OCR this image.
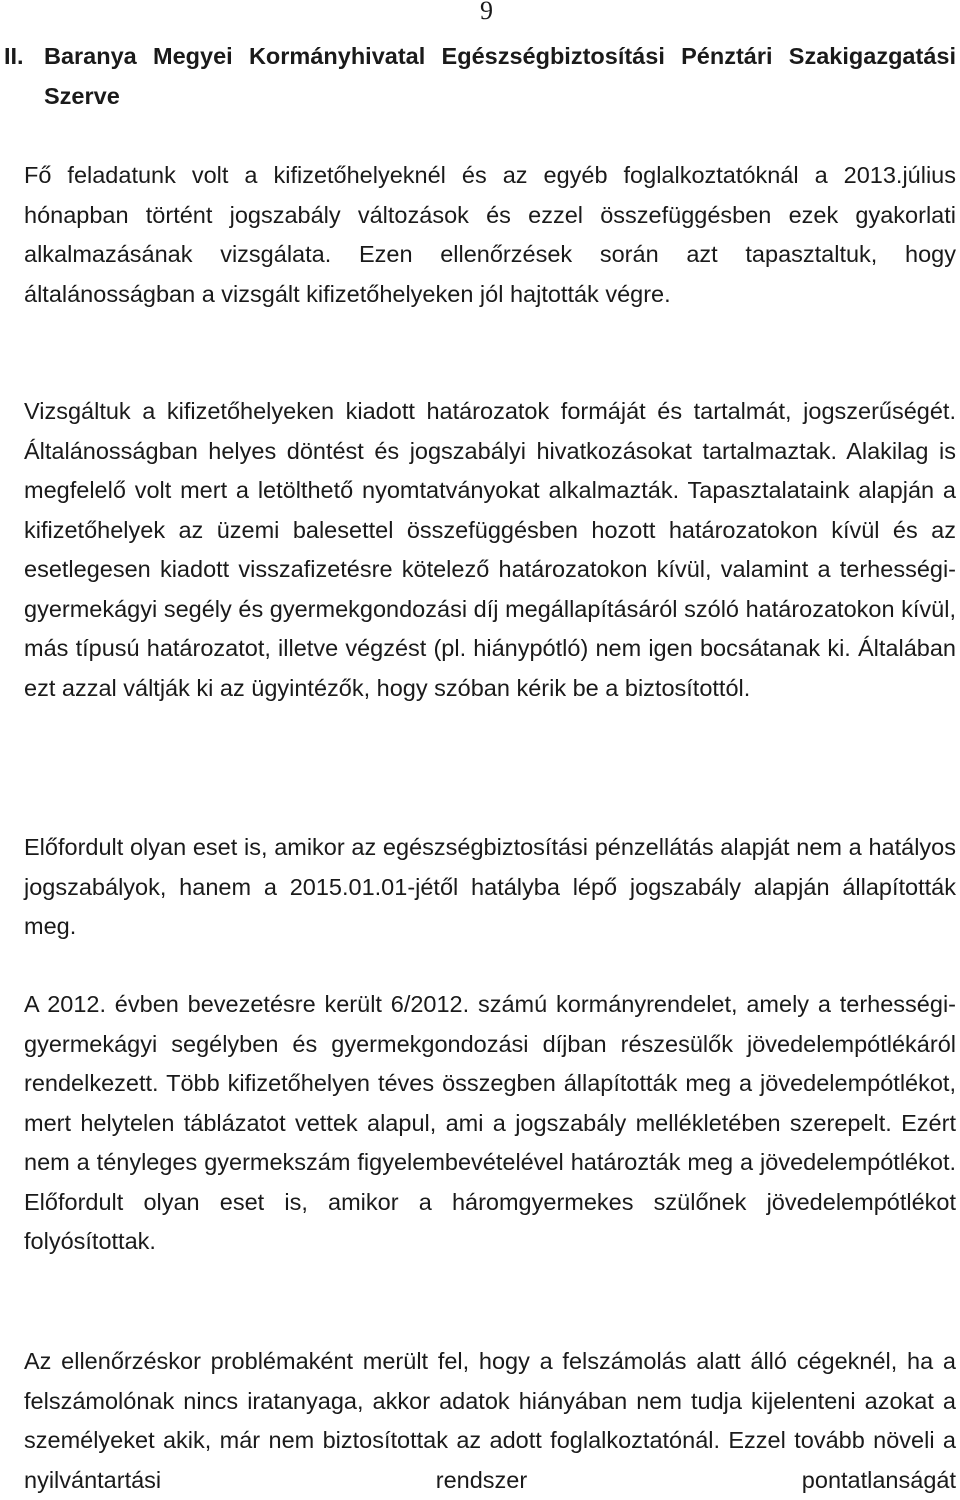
9
II. Baranya Megyei Kormányhivatal Egészségbiztosítási Pénztári Szakigazgatási Szerve

Fő feladatunk volt a kifizetőhelyeknél és az egyéb foglalkoztatóknál a 2013.július hónapban történt jogszabály változások és ezzel összefüggésben ezek gyakorlati alkalmazásának vizsgálata. Ezen ellenőrzések során azt tapasztaltuk, hogy általánosságban a vizsgált kifizetőhelyeken jól hajtották végre.

Vizsgáltuk a kifizetőhelyeken kiadott határozatok formáját és tartalmát, jogszerűségét. Általánosságban helyes döntést és jogszabályi hivatkozásokat tartalmaztak. Alakilag is megfelelő volt mert a letölthető nyomtatványokat alkalmazták. Tapasztalataink alapján a kifizetőhelyek az üzemi balesettel összefüggésben hozott határozatokon kívül és az esetlegesen kiadott visszafizetésre kötelező határozatokon kívül, valamint a terhességi-gyermekágyi segély és gyermekgondozási díj megállapításáról szóló határozatokon kívül, más típusú határozatot, illetve végzést (pl. hiánypótló) nem igen bocsátanak ki. Általában ezt azzal váltják ki az ügyintézők, hogy szóban kérik be a biztosítottól.

Előfordult olyan eset is, amikor az egészségbiztosítási pénzellátás alapját nem a hatályos jogszabályok, hanem a 2015.01.01-jétől hatályba lépő jogszabály alapján állapították meg.

A 2012. évben bevezetésre került 6/2012. számú kormányrendelet, amely a terhességi-gyermekágyi segélyben és gyermekgondozási díjban részesülők jövedelempótlékáról rendelkezett. Több kifizetőhelyen téves összegben állapították meg a jövedelempótlékot, mert helytelen táblázatot vettek alapul, ami a jogszabály mellékletében szerepelt. Ezért nem a tényleges gyermekszám figyelembevételével határozták meg a jövedelempótlékot. Előfordult olyan eset is, amikor a háromgyermekes szülőnek jövedelempótlékot folyósítottak.

Az ellenőrzéskor problémaként merült fel, hogy a felszámolás alatt álló cégeknél, ha a felszámolónak nincs iratanyaga, akkor adatok hiányában nem tudja kijelenteni azokat a személyeket akik, már nem biztosítottak az adott foglalkoztatónál. Ezzel tovább növeli a nyilvántartási rendszer pontatlanságát
